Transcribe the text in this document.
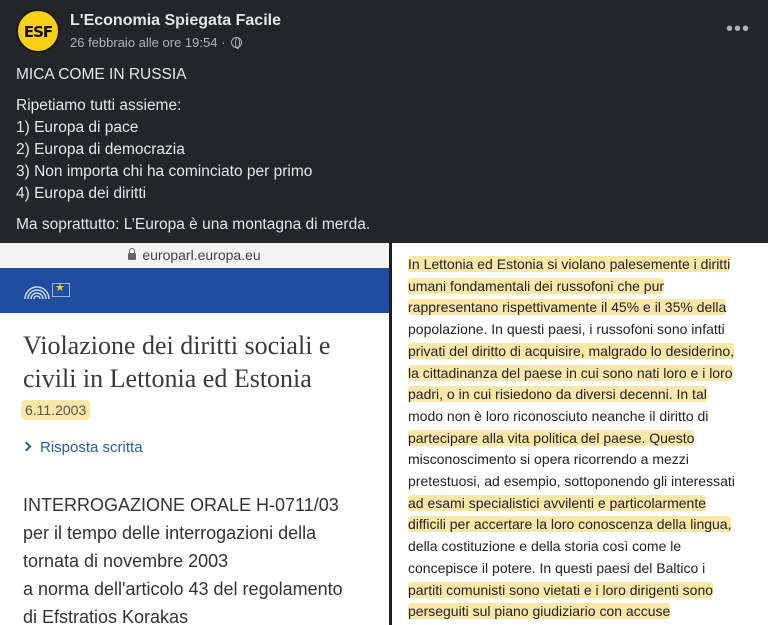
ESF
L'Economia Spiegata Facile
26 febbraio alle ore 19:54 ·
•••

MICA COME IN RUSSIA

Ripetiamo tutti assieme:

1) Europa di pace

2) Europa di democrazia

3) Non importa chi ha cominciato per primo

4) Europa dei diritti

Ma soprattutto: L’Europa è una montagna di merda.

europarl.europa.eu
★
Violazione dei diritti sociali e civili in Lettonia ed Estonia
6.11.2003
Risposta scritta
INTERROGAZIONE ORALE H-0711/03
per il tempo delle interrogazioni della
tornata di novembre 2003
a norma dell'articolo 43 del regolamento
di Efstratios Korakas
In Lettonia ed Estonia si violano palesemente i diritti
umani fondamentali dei russofoni che pur
rappresentano rispettivamente il 45% e il 35% della
popolazione. In questi paesi, i russofoni sono infatti
privati del diritto di acquisire, malgrado lo desiderino,
la cittadinanza del paese in cui sono nati loro e i loro
padri, o in cui risiedono da diversi decenni. In tal
modo non è loro riconosciuto neanche il diritto di
partecipare alla vita politica del paese. Questo
misconoscimento si opera ricorrendo a mezzi
pretestuosi, ad esempio, sottoponendo gli interessati
ad esami specialistici avvilenti e particolarmente
difficili per accertare la loro conoscenza della lingua,
della costituzione e della storia così come le
concepisce il potere. In questi paesi del Baltico i
partiti comunisti sono vietati e i loro dirigenti sono
perseguiti sul piano giudiziario con accuse
